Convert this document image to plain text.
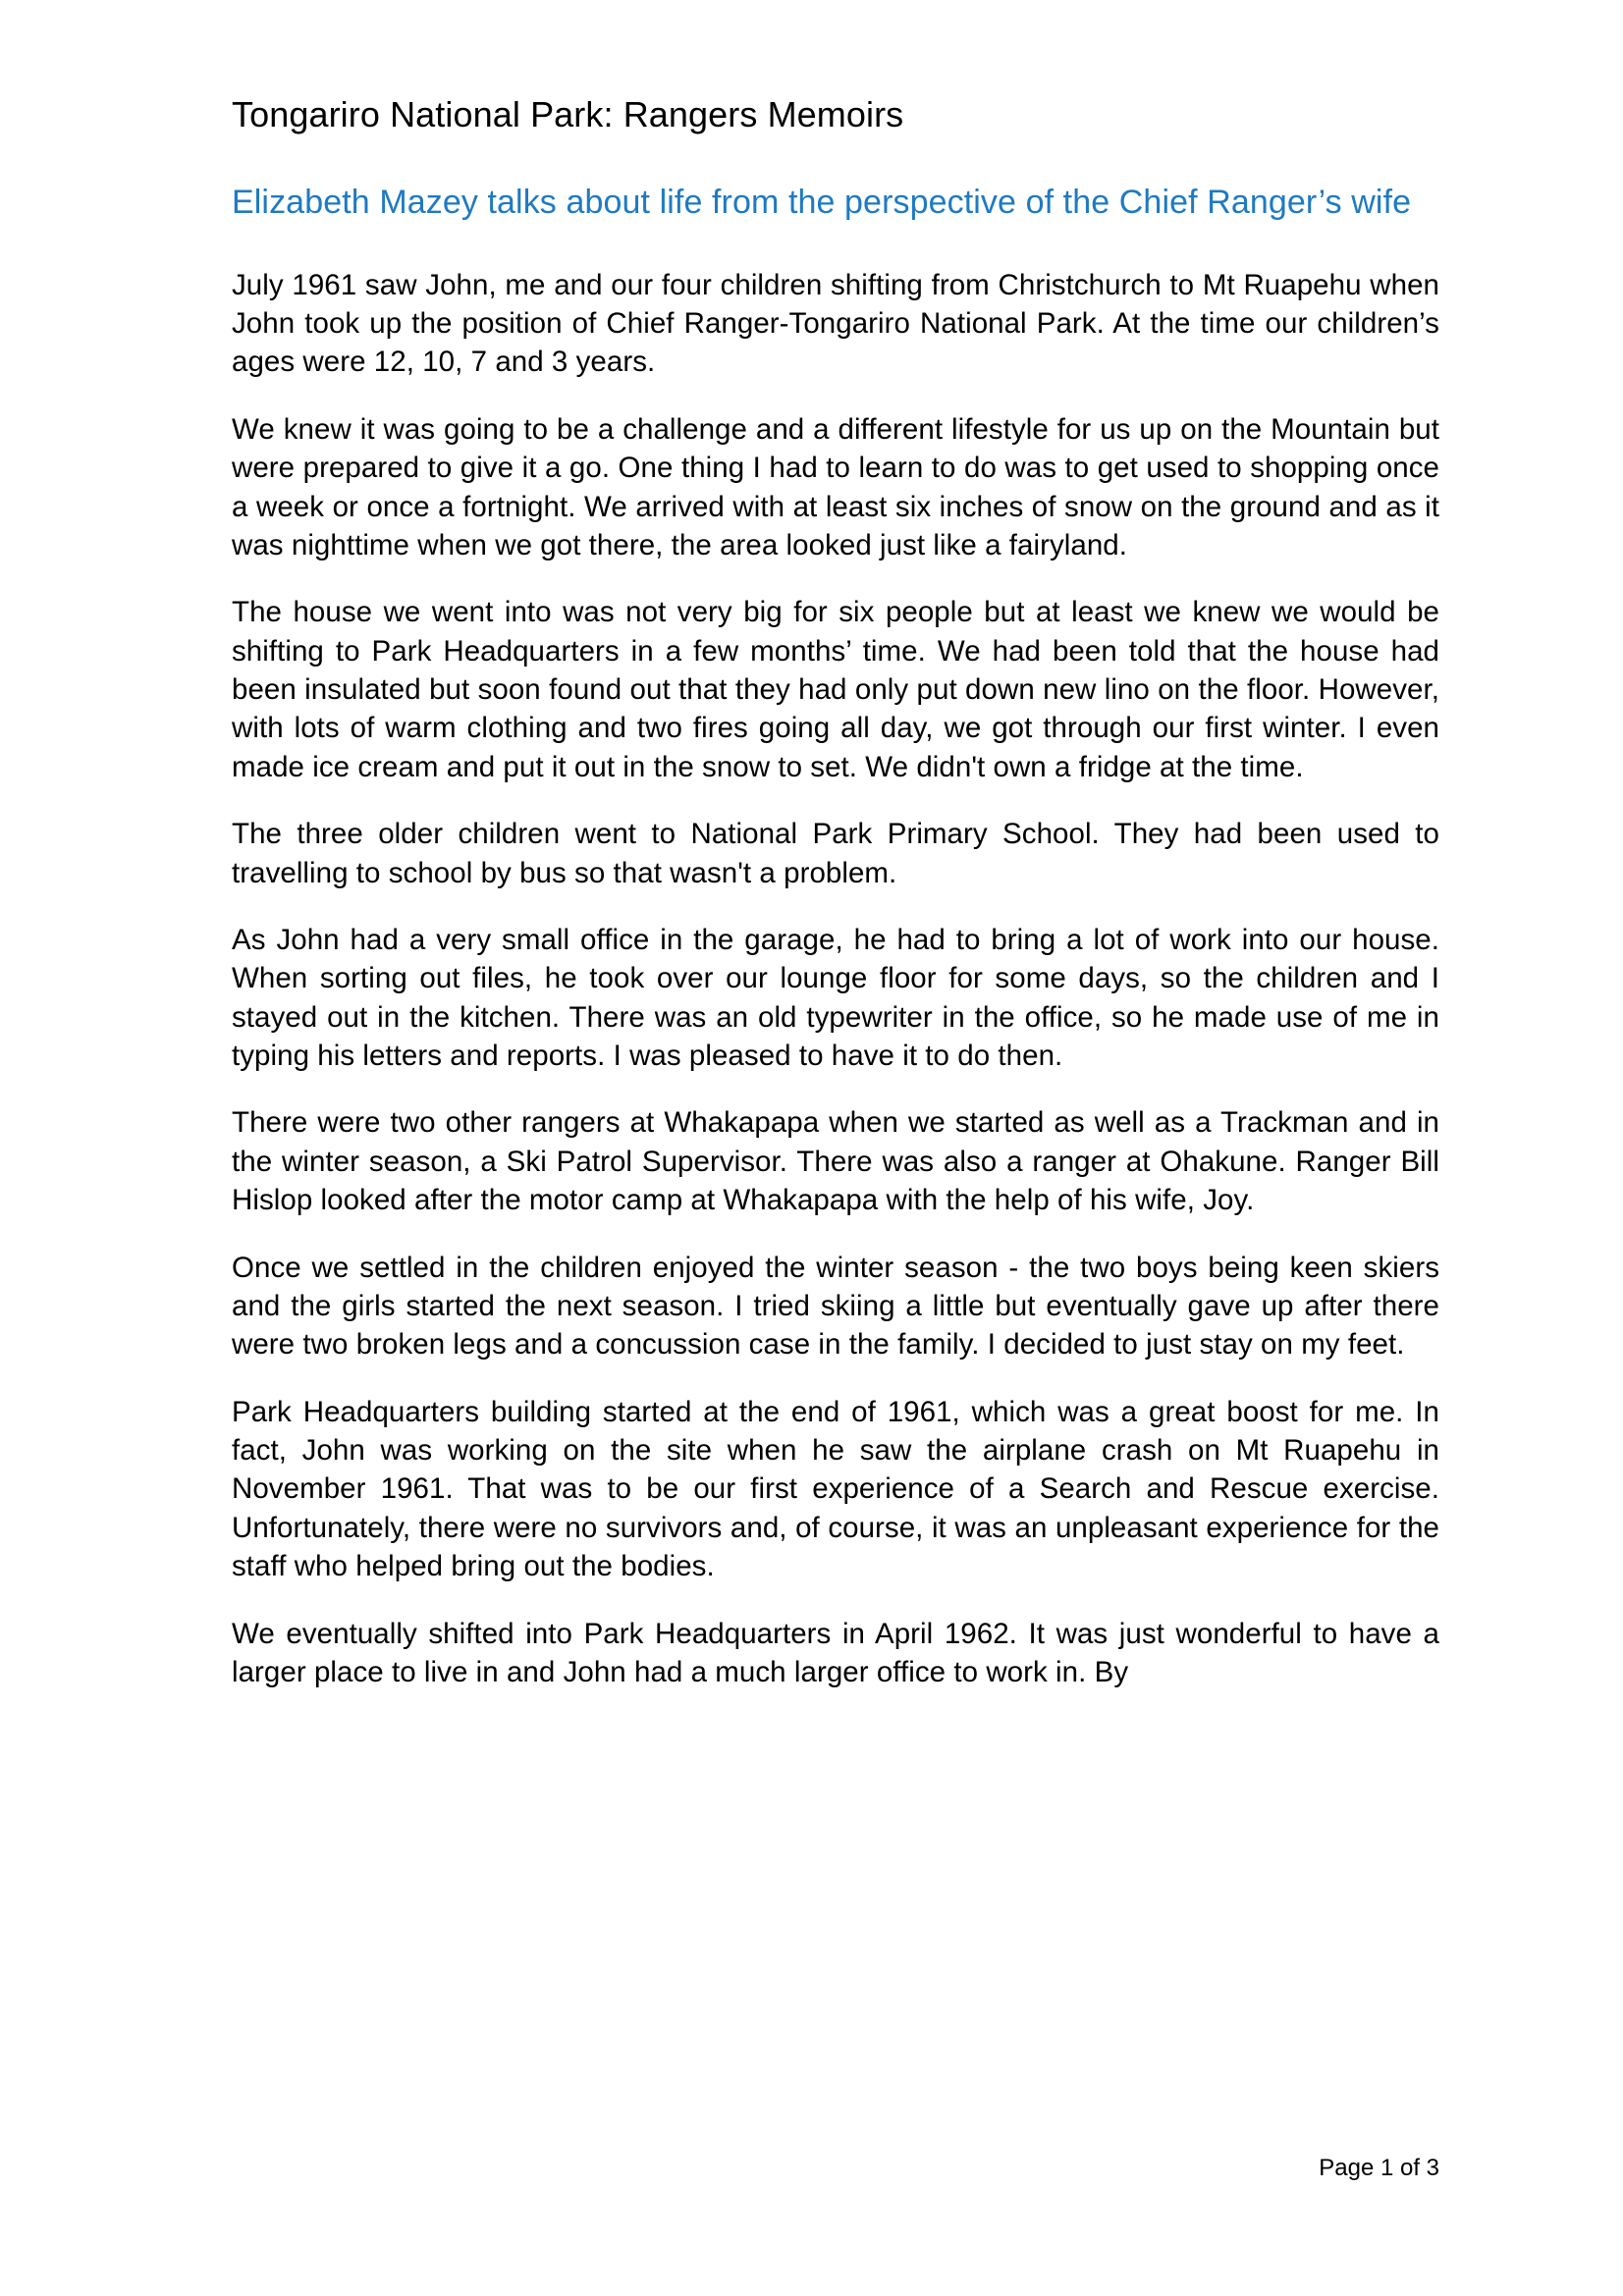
Tongariro National Park: Rangers Memoirs
Elizabeth Mazey talks about life from the perspective of the Chief Ranger’s wife

July 1961 saw John, me and our four children shifting from Christchurch to Mt Ruapehu when John took up the position of Chief Ranger-Tongariro National Park. At the time our children’s ages were 12, 10, 7 and 3 years.

We knew it was going to be a challenge and a different lifestyle for us up on the Mountain but were prepared to give it a go. One thing I had to learn to do was to get used to shopping once a week or once a fortnight. We arrived with at least six inches of snow on the ground and as it was nighttime when we got there, the area looked just like a fairyland.

The house we went into was not very big for six people but at least we knew we would be shifting to Park Headquarters in a few months’ time. We had been told that the house had been insulated but soon found out that they had only put down new lino on the floor. However, with lots of warm clothing and two fires going all day, we got through our first winter. I even made ice cream and put it out in the snow to set. We didn't own a fridge at the time.

The three older children went to National Park Primary School. They had been used to travelling to school by bus so that wasn't a problem.

As John had a very small office in the garage, he had to bring a lot of work into our house. When sorting out files, he took over our lounge floor for some days, so the children and I stayed out in the kitchen. There was an old typewriter in the office, so he made use of me in typing his letters and reports. I was pleased to have it to do then.

There were two other rangers at Whakapapa when we started as well as a Trackman and in the winter season, a Ski Patrol Supervisor. There was also a ranger at Ohakune. Ranger Bill Hislop looked after the motor camp at Whakapapa with the help of his wife, Joy.

Once we settled in the children enjoyed the winter season - the two boys being keen skiers and the girls started the next season. I tried skiing a little but eventually gave up after there were two broken legs and a concussion case in the family. I decided to just stay on my feet.

Park Headquarters building started at the end of 1961, which was a great boost for me. In fact, John was working on the site when he saw the airplane crash on Mt Ruapehu in November 1961. That was to be our first experience of a Search and Rescue exercise. Unfortunately, there were no survivors and, of course, it was an unpleasant experience for the staff who helped bring out the bodies.

We eventually shifted into Park Headquarters in April 1962. It was just wonderful to have a larger place to live in and John had a much larger office to work in. By

Page 1 of 3
